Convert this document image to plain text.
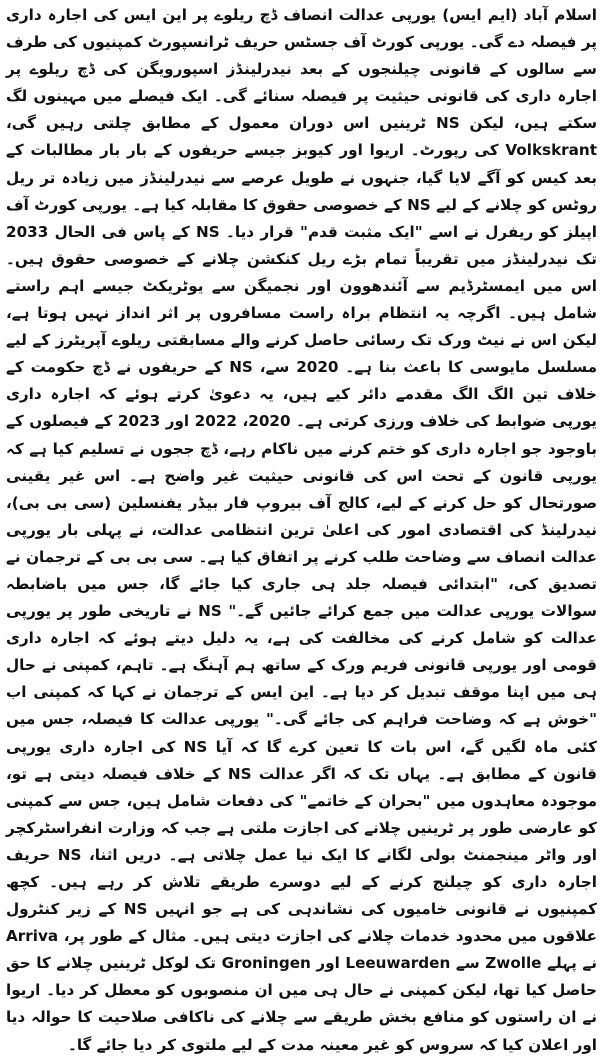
اسلام آباد (ایم ایس) یورپی عدالت انصاف ڈچ ریلوے پر این ایس کی اجارہ داری پر فیصلہ دے گی۔ یورپی کورٹ آف جسٹس حریف ٹرانسپورٹ کمپنیوں کی طرف سے سالوں کے قانونی چیلنجوں کے بعد نیدرلینڈز اسپورویگن کی ڈچ ریلوے پر اجارہ داری کی قانونی حیثیت پر فیصلہ سنائے گی۔ ایک فیصلے میں مہینوں لگ سکتے ہیں، لیکن NS ٹرینیں اس دوران معمول کے مطابق چلتی رہیں گی، Volkskrant کی رپورٹ۔ اریوا اور کیوبز جیسے حریفوں کے بار بار مطالبات کے بعد کیس کو آگے لایا گیا، جنہوں نے طویل عرصے سے نیدرلینڈز میں زیادہ تر ریل روٹس کو چلانے کے لیے NS کے خصوصی حقوق کا مقابلہ کیا ہے۔ یورپی کورٹ آف اپیلز کو ریفرل نے اسے "ایک مثبت قدم" قرار دیا۔ NS کے پاس فی الحال 2033 تک نیدرلینڈز میں تقریباً تمام بڑے ریل کنکشن چلانے کے خصوصی حقوق ہیں۔ اس میں ایمسٹرڈیم سے آئندھوون اور نجمیگن سے یوٹریکٹ جیسے اہم راستے شامل ہیں۔ اگرچہ یہ انتظام براہ راست مسافروں پر اثر انداز نہیں ہوتا ہے، لیکن اس نے نیٹ ورک تک رسائی حاصل کرنے والے مسابقتی ریلوے آپریٹرز کے لیے مسلسل مایوسی کا باعث بنا ہے۔ 2020 سے، NS کے حریفوں نے ڈچ حکومت کے خلاف تین الگ الگ مقدمے دائر کیے ہیں، یہ دعویٰ کرتے ہوئے کہ اجارہ داری یورپی ضوابط کی خلاف ورزی کرتی ہے۔ 2020، 2022 اور 2023 کے فیصلوں کے باوجود جو اجارہ داری کو ختم کرنے میں ناکام رہے، ڈچ ججوں نے تسلیم کیا ہے کہ یورپی قانون کے تحت اس کی قانونی حیثیت غیر واضح ہے۔ اس غیر یقینی صورتحال کو حل کرنے کے لیے، کالج آف بیروپ فار بیڈر یفنسلین (سی بی بی)، نیدرلینڈ کی اقتصادی امور کی اعلیٰ ترین انتظامی عدالت، نے پہلی بار یورپی عدالت انصاف سے وضاحت طلب کرنے پر اتفاق کیا ہے۔ سی بی بی کے ترجمان نے تصدیق کی، "ابتدائی فیصلہ جلد ہی جاری کیا جائے گا، جس میں باضابطہ سوالات یورپی عدالت میں جمع کرائے جائیں گے۔" NS نے تاریخی طور پر یورپی عدالت کو شامل کرنے کی مخالفت کی ہے، یہ دلیل دیتے ہوئے کہ اجارہ داری قومی اور یورپی قانونی فریم ورک کے ساتھ ہم آہنگ ہے۔ تاہم، کمپنی نے حال ہی میں اپنا موقف تبدیل کر دیا ہے۔ این ایس کے ترجمان نے کہا کہ کمپنی اب "خوش ہے کہ وضاحت فراہم کی جائے گی۔" یورپی عدالت کا فیصلہ، جس میں کئی ماہ لگیں گے، اس بات کا تعین کرے گا کہ آیا NS کی اجارہ داری یورپی قانون کے مطابق ہے۔ یہاں تک کہ اگر عدالت NS کے خلاف فیصلہ دیتی ہے تو، موجودہ معاہدوں میں "بحران کے خاتمے" کی دفعات شامل ہیں، جس سے کمپنی کو عارضی طور پر ٹرینیں چلانے کی اجازت ملتی ہے جب کہ وزارت انفراسٹرکچر اور واٹر مینجمنٹ بولی لگانے کا ایک نیا عمل چلاتی ہے۔ دریں اثنا، NS حریف اجارہ داری کو چیلنج کرنے کے لیے دوسرے طریقے تلاش کر رہے ہیں۔ کچھ کمپنیوں نے قانونی خامیوں کی نشاندہی کی ہے جو انہیں NS کے زیر کنٹرول علاقوں میں محدود خدمات چلانے کی اجازت دیتی ہیں۔ مثال کے طور پر، Arriva نے پہلے Zwolle سے Leeuwarden اور Groningen تک لوکل ٹرینیں چلانے کا حق حاصل کیا تھا، لیکن کمپنی نے حال ہی میں ان منصوبوں کو معطل کر دیا۔ اریوا نے ان راستوں کو منافع بخش طریقے سے چلانے کی ناکافی صلاحیت کا حوالہ دیا اور اعلان کیا کہ سروس کو غیر معینہ مدت کے لیے ملتوی کر دیا جائے گا۔
